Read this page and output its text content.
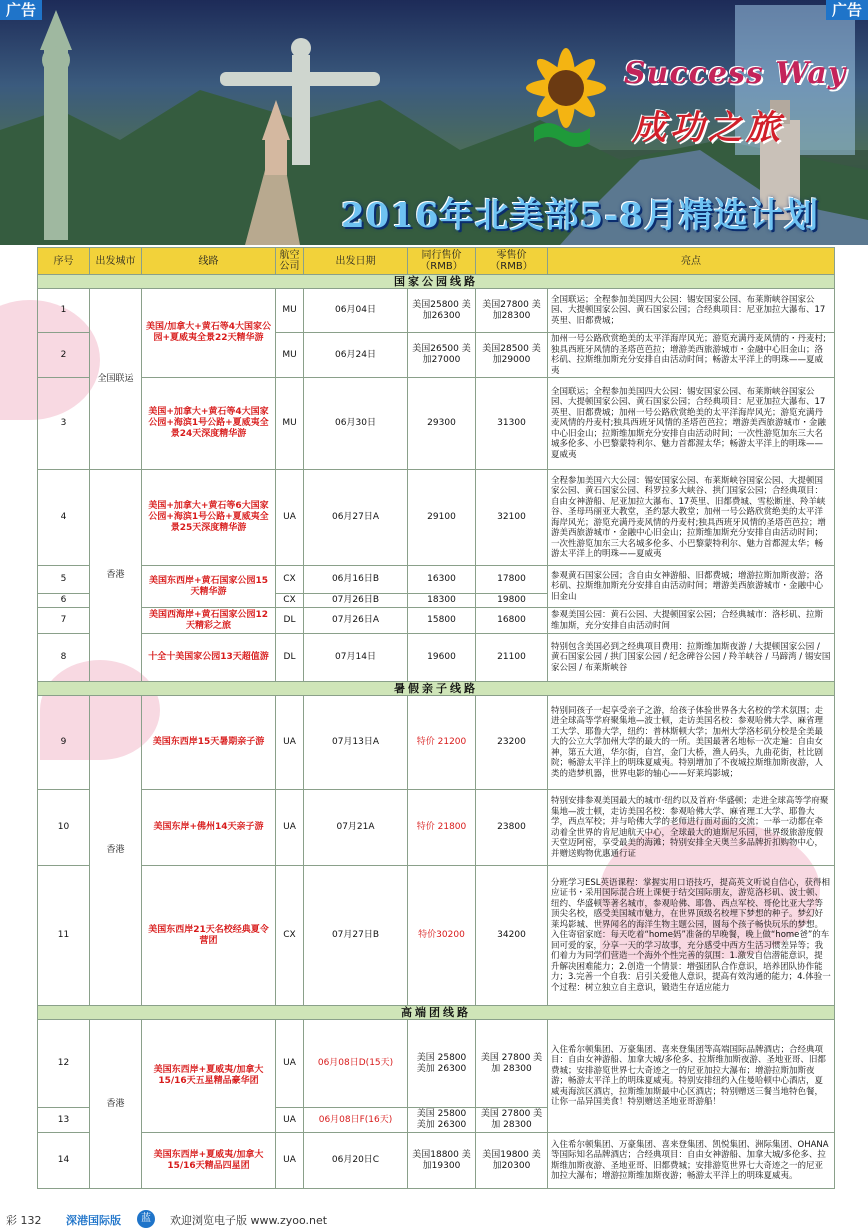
Success Way
成功之旅
2016年北美部5-8月精选计划
广告	广告
序号	出发城市	线路	航空公司	出发日期	同行售价（RMB）	零售价（RMB）	亮点
国家公园线路							
1	全国联运	美国/加拿大+黄石等4大国家公园+夏威夷全景22天精华游	MU	06月04日	美国25800 美加26300	美国27800 美加28300	全国联运；全程参加美国四大公园：锡安国家公园、布莱斯峡谷国家公园、大提顿国家公园、黄石国家公园；合经典项目：尼亚加拉大瀑布、17英里、旧都费城；
2			MU	06月24日	美国26500 美加27000	美国28500 美加29000	加州一号公路欣赏绝美的太平洋海岸风光；游览充满丹麦风情的・丹麦村;独具西班牙风情的圣塔芭芭拉；增游美西旅游城市・金融中心旧金山；洛杉矶、拉斯维加斯充分安排自由活动时间；畅游太平洋上的明珠——夏威夷
3		美国+加拿大+黄石等4大国家公园+海滨1号公路+夏威夷全景24天深度精华游	MU	06月30日	29300	31300	全国联运；全程参加美国四大公园：锡安国家公园、布莱斯峡谷国家公园、大提顿国家公园、黄石国家公园；合经典项目：尼亚加拉大瀑布、17英里、旧都费城；加州一号公路欣赏绝美的太平洋海岸风光；游览充满丹麦风情的丹麦村;独具西班牙风情的圣塔芭芭拉；增游美西旅游城市・金融中心旧金山；拉斯维加斯充分安排自由活动时间；一次性游览加东三大名城多伦多、小巴黎蒙特利尔、魅力首都渥太华；畅游太平洋上的明珠——夏威夷
4	香港	美国+加拿大+黄石等6大国家公园+海滨1号公路+夏威夷全景25天深度精华游	UA	06月27日A	29100	32100	全程参加美国六大公园：锡安国家公园、布莱斯峡谷国家公园、大提顿国家公园、黄石国家公园、科罗拉多大峡谷、拱门国家公园；合经典项目：自由女神游船、尼亚加拉大瀑布、17英里、旧都费城、雪松断崖、羚羊峡谷、圣母玛丽亚大教堂，圣约瑟大教堂；加州一号公路欣赏绝美的太平洋海岸风光；游览充满丹麦风情的丹麦村;独具西班牙风情的圣塔芭芭拉；增游美西旅游城市・金融中心旧金山；拉斯维加斯充分安排自由活动时间；一次性游览加东三大名城多伦多、小巴黎蒙特利尔、魅力首都渥太华；畅游太平洋上的明珠——夏威夷
5		美国东西岸+黄石国家公园15天精华游	CX	06月16日B	16300	17800	参观黄石国家公园；含自由女神游船、旧都费城；增游拉斯加斯夜游；洛杉矶、拉斯维加斯充分安排自由活动时间；增游美西旅游城市・金融中心旧金山
6			CX	07月26日B	18300	19800	
7		美国西海岸+黄石国家公园12天精彩之旅	DL	07月26日A	15800	16800	参观美国公园：黄石公园、大提顿国家公园；合经典城市：洛杉矶、拉斯维加斯，充分安排自由活动时间
8		十全十美国家公园13天超值游	DL	07月14日	19600	21100	特别包含美国必到之经典项目费用：拉斯维加斯夜游 / 大提顿国家公园 / 黄石国家公园 / 拱门国家公园 / 纪念碑谷公园 / 羚羊峡谷 / 马蹄湾 / 锡安国家公园 / 布莱斯峡谷
暑假亲子线路							
9	香港	美国东西岸15天暑期亲子游	UA	07月13日A	特价 21200	23200	特别同孩子一起享受亲子之游，给孩子体验世界各大名校的学术氛围；走进全球高等学府聚集地—波士顿，走访美国名校：参观哈佛大学、麻省理工大学、耶鲁大学，纽约：普林斯顿大学；加州大学洛杉矶分校是全美最大的公立大学加州大学的最大的一所。美国最著名地标一次走遍：自由女神，第五大道，华尔街，自宫，金门大桥，渔人码头，九曲花街，杜比剧院；畅游太平洋上的明珠夏威夷。特别增加了不夜城拉斯维加斯夜游，人类的造梦机器，世界电影的轴心——好莱坞影城；
10		美国东岸+佛州14天亲子游	UA	07月21A	特价 21800	23800	特别安排参观美国最大的城市·纽约以及首府·华盛顿；走进全球高等学府聚集地—波士顿，走访美国名校：参观哈佛大学、麻省理工大学、耶鲁大学，西点军校；并与哈佛大学的老师进行面对面的交流；一举一动都在牵动着全世界的肯尼迪航天中心，全球最大的迪斯尼乐园，世界级旅游度假天堂迈阿密，享受最美的海滩；特别安排全天奥兰多品牌折扣购物中心，并赠送购物优惠通行证
11		美国东西岸21天名校经典夏令营团	CX	07月27日B	特价30200	34200	分班学习ESL英语课程：掌握实用口语技巧，提高英文听说自信心，获得相应证书・采用国际混合班上课便于结交国际朋友，游览洛杉矶、波士顿、纽约、华盛顿等著名城市，参观哈佛、耶鲁、西点军校、哥伦比亚大学等顶尖名校，感受美国城市魅力，在世界顶级名校埋下梦想的种子。梦幻好莱坞影城、世界闻名的海洋生物主题公园，圆每个孩子畅快玩乐的梦想。入住寄宿家庭：每天吃着“home妈”准备的早晚餐，晚上做“home爸”的车回可爱的家，分享一天的学习故事，充分感受中西方生活习惯差异等；我们着力为同学们营造一个海外个性完善的氛围：1.激发自信潜能意识，提升解决困难能力；2.创造一个情景：增强团队合作意识，培养团队协作能力；3.完善一个自我：启引关爱他人意识，提高有效沟通的能力；4.体验一个过程：树立独立自主意识，锻造生存适应能力
高端团线路							
12	香港	美国东西岸+夏威夷/加拿大15/16天五星精品豪华团	UA	06月08日D(15天)	美国 25800 美加 26300	美国 27800 美加 28300	入住希尔顿集团、万豪集团、喜来登集团等高端国际品牌酒店；合经典项目：自由女神游船、加拿大城/多伦多、拉斯维加斯夜游、圣地亚哥、旧都费城；安排游览世界七大奇迹之一的尼亚加拉大瀑布；增游拉斯加斯夜游；畅游太平洋上的明珠夏威夷。特别安排纽约入住曼哈顿中心酒店，夏威夷海滨区酒店，拉斯维加斯最中心区酒店；特别赠送三餐当地特色餐，让你一品异国美食！特别赠送圣地亚哥游船！
13			UA	06月08日F(16天)	美国 25800 美加 26300	美国 27800 美加 28300	
14		美国东西岸+夏威夷/加拿大15/16天精品四星团	UA	06月20日C	美国18800 美加19300	美国19800 美加20300	入住希尔顿集团、万豪集团、喜来登集团、凯悦集团、洲际集团、OHANA等国际知名品牌酒店；合经典项目：自由女神游船、加拿大城/多伦多、拉斯维加斯夜游、圣地亚哥、旧都费城；安排游览世界七大奇迹之一的尼亚加拉大瀑布；增游拉斯维加斯夜游；畅游太平洋上的明珠夏威夷。
彩 132 深港国际版	蓝	欢迎浏览电子版 www.zyoo.net
